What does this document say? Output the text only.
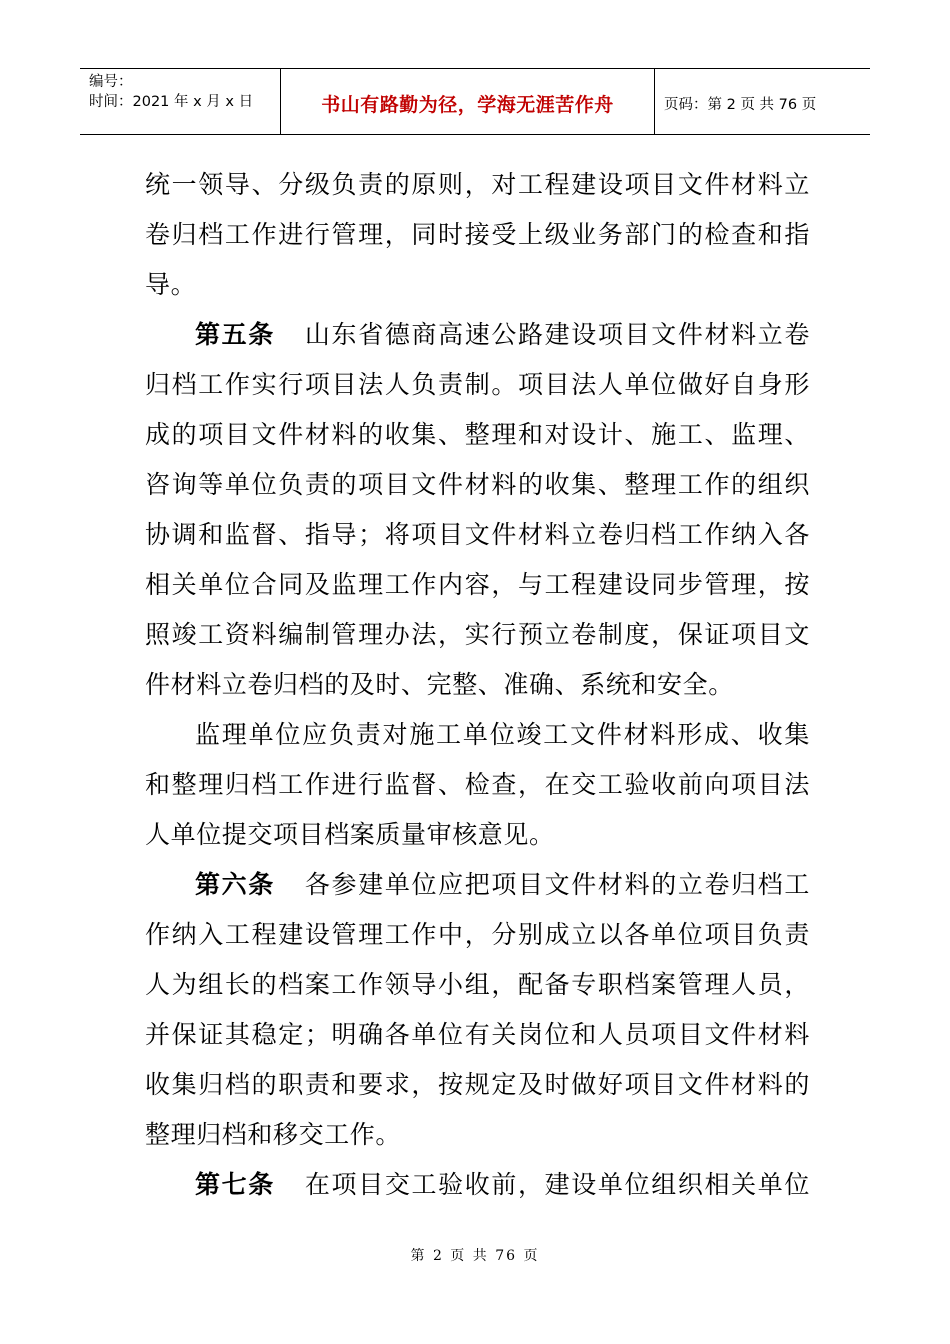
编号：
时间：2021 年 x 月 x 日	书山有路勤为径，学海无涯苦作舟	页码：第 2 页 共 76 页
统一领导、分级负责的原则，对工程建设项目文件材料立
卷归档工作进行管理，同时接受上级业务部门的检查和指
导。
第五条 山东省德商高速公路建设项目文件材料立卷
归档工作实行项目法人负责制。项目法人单位做好自身形
成的项目文件材料的收集、整理和对设计、施工、监理、
咨询等单位负责的项目文件材料的收集、整理工作的组织
协调和监督、指导；将项目文件材料立卷归档工作纳入各
相关单位合同及监理工作内容，与工程建设同步管理，按
照竣工资料编制管理办法，实行预立卷制度，保证项目文
件材料立卷归档的及时、完整、准确、系统和安全。
监理单位应负责对施工单位竣工文件材料形成、收集
和整理归档工作进行监督、检查，在交工验收前向项目法
人单位提交项目档案质量审核意见。
第六条 各参建单位应把项目文件材料的立卷归档工
作纳入工程建设管理工作中，分别成立以各单位项目负责
人为组长的档案工作领导小组，配备专职档案管理人员，
并保证其稳定；明确各单位有关岗位和人员项目文件材料
收集归档的职责和要求，按规定及时做好项目文件材料的
整理归档和移交工作。
第七条 在项目交工验收前，建设单位组织相关单位
第 2 页 共 76 页
